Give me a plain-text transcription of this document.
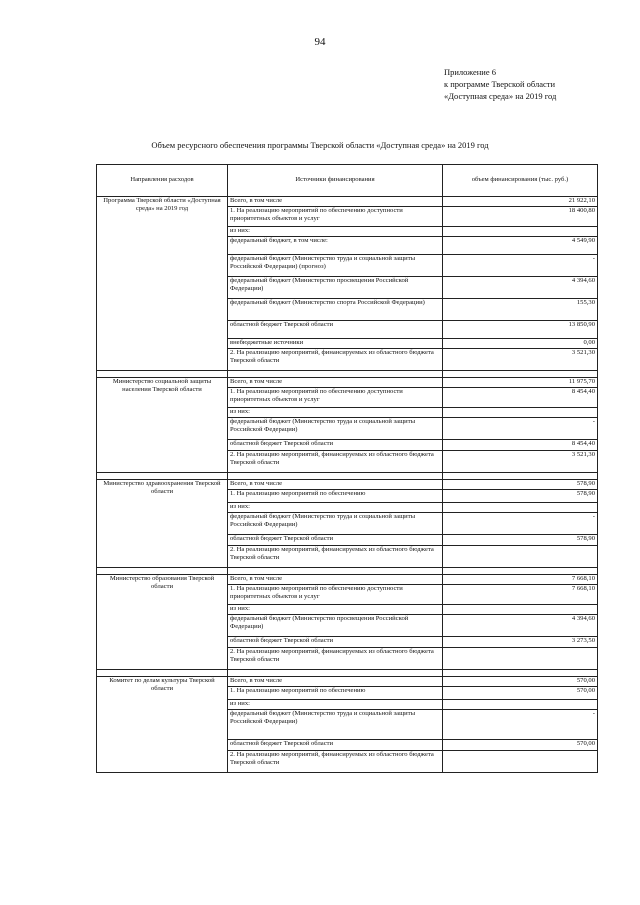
94
Приложение 6
к программе Тверской области
«Доступная среда» на 2019 год
Объем ресурсного обеспечения программы Тверской области «Доступная среда» на 2019 год
Направления расходов	Источники финансирования	объем финансирования (тыс. руб.)
Программа Тверской области «Доступная среда» на 2019 год	Всего, в том числе	21 922,10
	1. На реализацию мероприятий по обеспечению доступности приоритетных объектов и услуг	18 400,80
	из них:	
	федеральный бюджет, в том числе:	4 549,90
	федеральный бюджет (Министерство труда и социальной защиты Российской Федерации) (прогноз)	-
	федеральный бюджет (Министерство просвещения Российской Федерации)	4 394,60
	федеральный бюджет (Министерство спорта Российской Федерации)	155,30
	областной бюджет Тверской области	13 850,90
	внебюджетные источники	0,00
	2. На реализацию мероприятий, финансируемых из областного бюджета Тверской области	3 521,30

Министерство социальной защиты населения Тверской области	Всего, в том числе	11 975,70
	1. На реализацию мероприятий по обеспечению доступности приоритетных объектов и услуг	8 454,40
	из них:	
	федеральный бюджет (Министерство труда и социальной защиты Российской Федерации)	-
	областной бюджет Тверской области	8 454,40
	2. На реализацию мероприятий, финансируемых из областного бюджета Тверской области	3 521,30

Министерство здравоохранения Тверской области	Всего, в том числе	578,90
	1. На реализацию мероприятий по обеспечению	578,90
	из них:	
	федеральный бюджет (Министерство труда и социальной защиты Российской Федерации)	-
	областной бюджет Тверской области	578,90
	2. На реализацию мероприятий, финансируемых из областного бюджета Тверской области	

Министерство образования Тверской области	Всего, в том числе	7 668,10
	1. На реализацию мероприятий по обеспечению доступности приоритетных объектов и услуг	7 668,10
	из них:	
	федеральный бюджет (Министерство просвещения Российской Федерации)	4 394,60
	областной бюджет Тверской области	3 273,50
	2. На реализацию мероприятий, финансируемых из областного бюджета Тверской области	

Комитет по делам культуры Тверской области	Всего, в том числе	570,00
	1. На реализацию мероприятий по обеспечению	570,00
	из них:	
	федеральный бюджет (Министерство труда и социальной защиты Российской Федерации)	-
	областной бюджет Тверской области	570,00
	2. На реализацию мероприятий, финансируемых из областного бюджета Тверской области	
